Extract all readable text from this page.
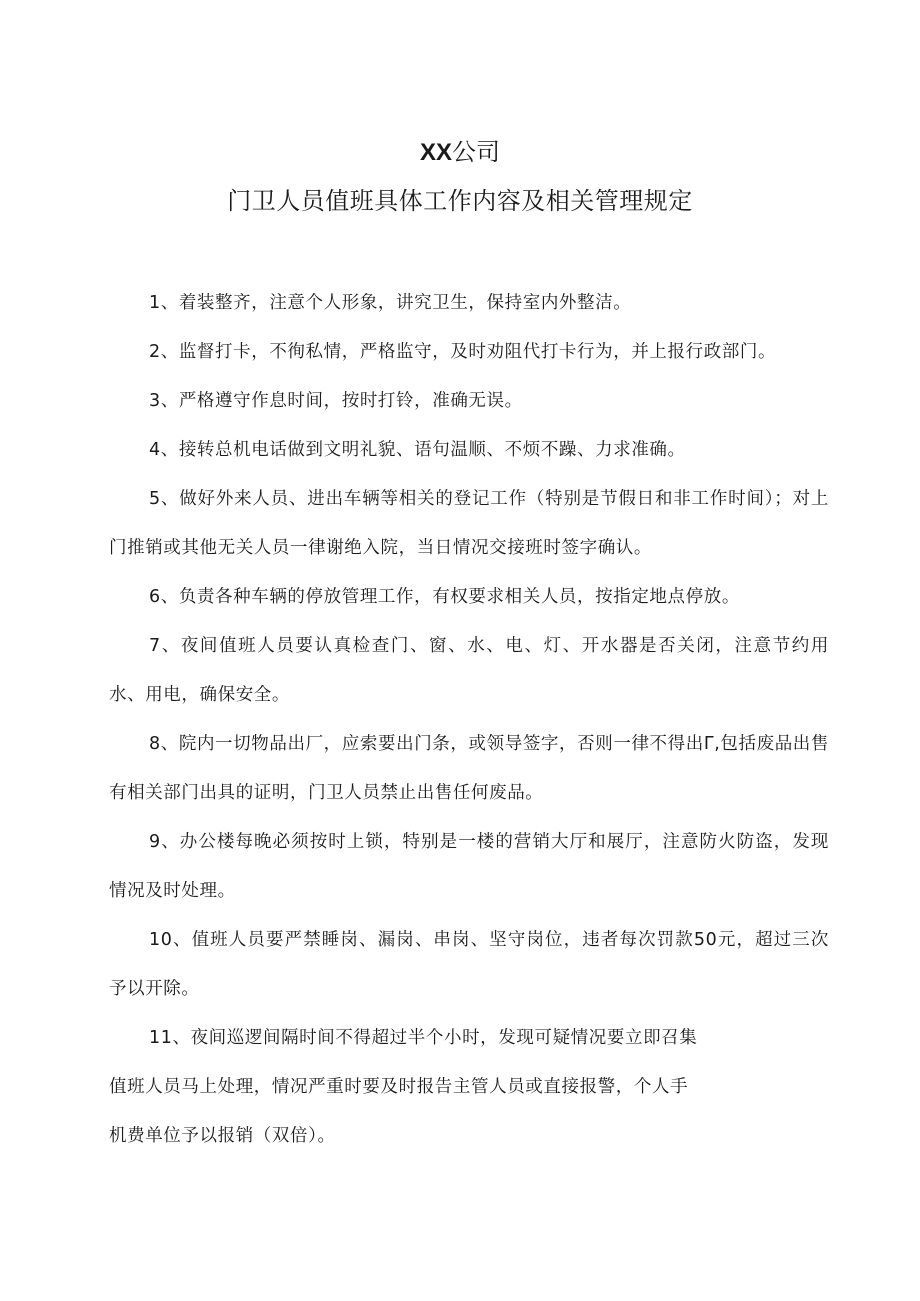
XX公司
门卫人员值班具体工作内容及相关管理规定

1、着装整齐，注意个人形象，讲究卫生，保持室内外整洁。

2、监督打卡，不徇私情，严格监守，及时劝阻代打卡行为，并上报行政部门。

3、严格遵守作息时间，按时打铃，准确无误。

4、接转总机电话做到文明礼貌、语句温顺、不烦不躁、力求准确。

5、做好外来人员、进出车辆等相关的登记工作（特别是节假日和非工作时间）；对上门推销或其他无关人员一律谢绝入院，当日情况交接班时签字确认。

6、负责各种车辆的停放管理工作，有权要求相关人员，按指定地点停放。

7、夜间值班人员要认真检查门、窗、水、电、灯、开水器是否关闭，注意节约用水、用电，确保安全。

8、院内一切物品出厂，应索要出门条，或领导签字，否则一律不得出Γ,包括废品出售有相关部门出具的证明，门卫人员禁止出售任何废品。

9、办公楼每晚必须按时上锁，特别是一楼的营销大厅和展厅，注意防火防盗，发现情况及时处理。

10、值班人员要严禁睡岗、漏岗、串岗、坚守岗位，违者每次罚款50元，超过三次予以开除。

11、夜间巡逻间隔时间不得超过半个小时，发现可疑情况要立即召集

值班人员马上处理，情况严重时要及时报告主管人员或直接报警，个人手

机费单位予以报销（双倍）。
